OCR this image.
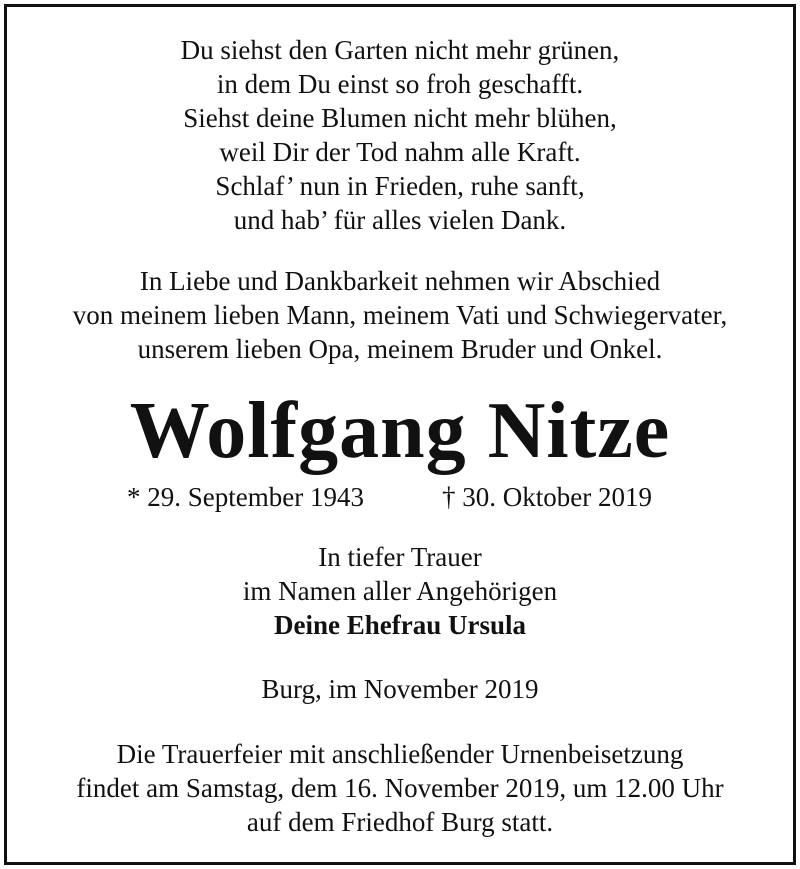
Du siehst den Garten nicht mehr grünen,
in dem Du einst so froh geschafft.
Siehst deine Blumen nicht mehr blühen,
weil Dir der Tod nahm alle Kraft.
Schlaf’ nun in Frieden, ruhe sanft,
und hab’ für alles vielen Dank.
In Liebe und Dankbarkeit nehmen wir Abschied
von meinem lieben Mann, meinem Vati und Schwiegervater,
unserem lieben Opa, meinem Bruder und Onkel.
Wolfgang Nitze
* 29. September 1943	† 30. Oktober 2019
In tiefer Trauer
im Namen aller Angehörigen
Deine Ehefrau Ursula
Burg, im November 2019
Die Trauerfeier mit anschließender Urnenbeisetzung
findet am Samstag, dem 16. November 2019, um 12.00 Uhr
auf dem Friedhof Burg statt.
